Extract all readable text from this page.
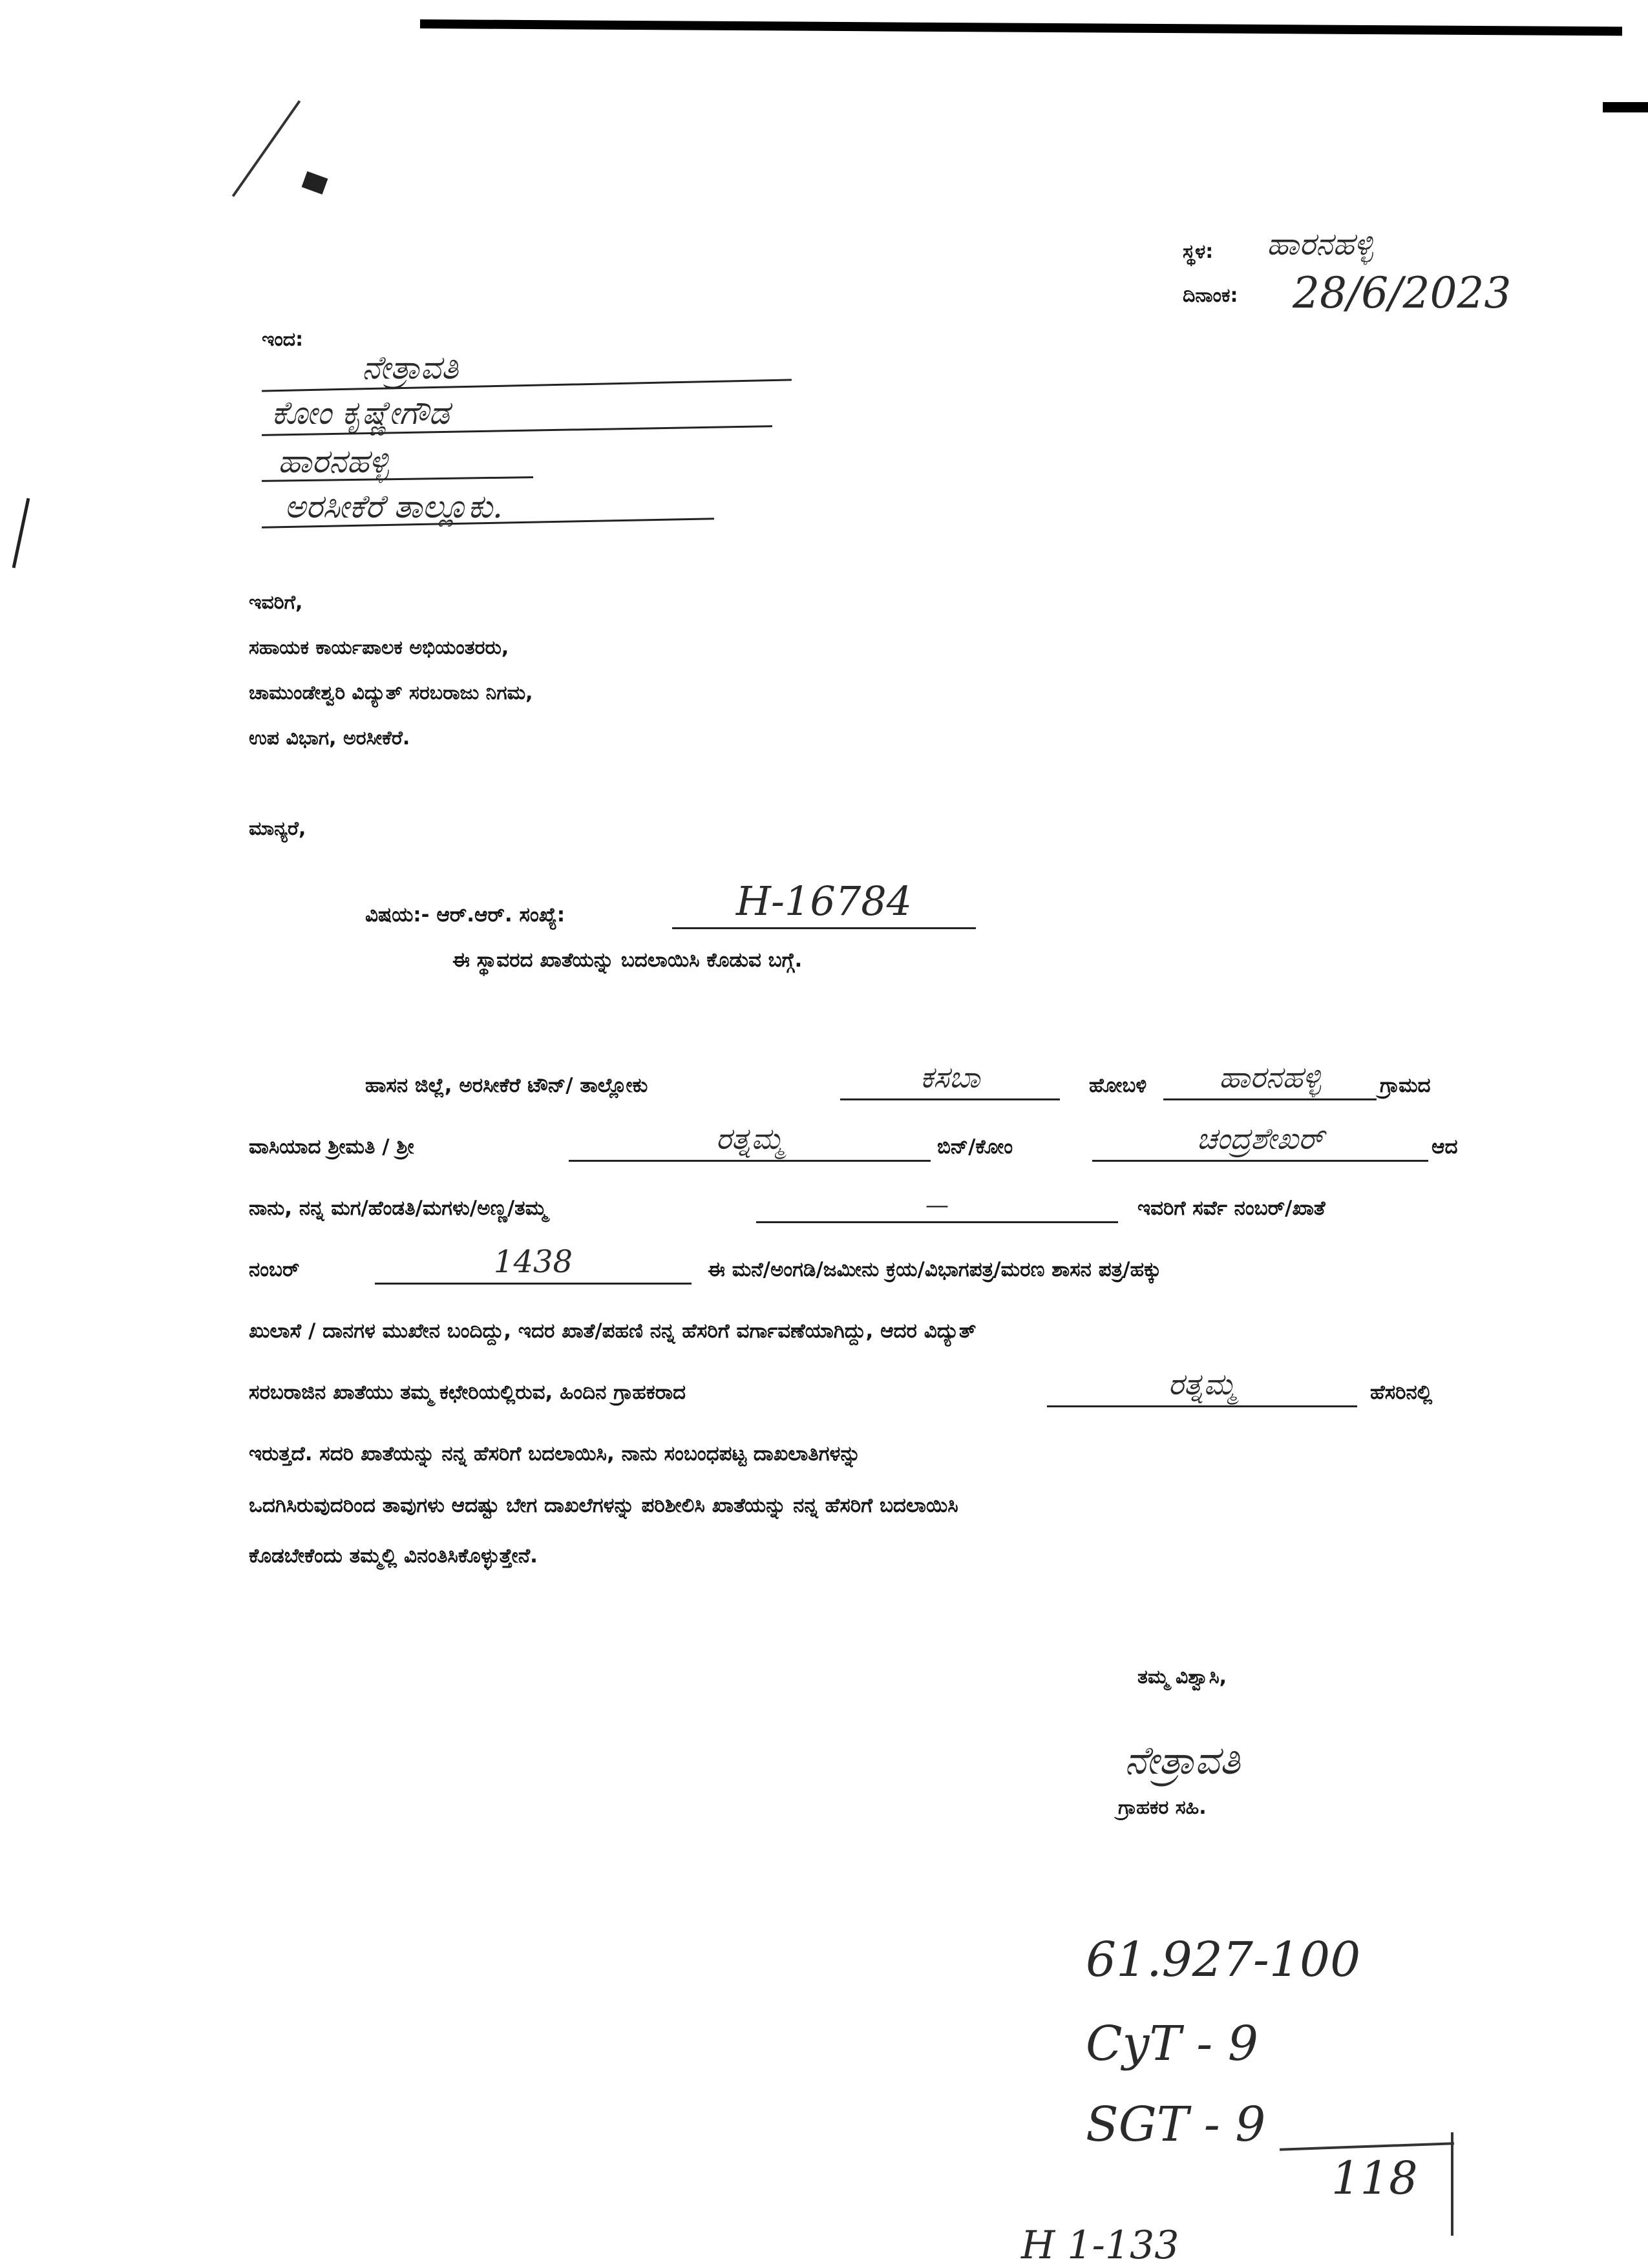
ಸ್ಥಳ: ಹಾರನಹಳ್ಳಿ
ದಿನಾಂಕ: 28/6/2023
ಇಂದ:
ನೇತ್ರಾವತಿ
ಕೋಂ ಕೃಷ್ಣೇಗೌಡ
ಹಾರನಹಳ್ಳಿ
ಅರಸೀಕೆರೆ ತಾಲ್ಲೂಕು.
ಇವರಿಗೆ,
ಸಹಾಯಕ ಕಾರ್ಯಪಾಲಕ ಅಭಿಯಂತರರು,
ಚಾಮುಂಡೇಶ್ವರಿ ವಿದ್ಯುತ್ ಸರಬರಾಜು ನಿಗಮ,
ಉಪ ವಿಭಾಗ, ಅರಸೀಕೆರೆ.
ಮಾನ್ಯರೆ,
ವಿಷಯ:- ಆರ್.ಆರ್. ಸಂಖ್ಯೆ:	H-16784
ಈ ಸ್ಥಾವರದ ಖಾತೆಯನ್ನು ಬದಲಾಯಿಸಿ ಕೊಡುವ ಬಗ್ಗೆ.
ಹಾಸನ ಜಿಲ್ಲೆ, ಅರಸೀಕೆರೆ ಟೌನ್/ ತಾಲ್ಲೋಕು	ಕಸಬಾ	ಹೋಬಳಿ	ಹಾರನಹಳ್ಳಿ	ಗ್ರಾಮದ
ವಾಸಿಯಾದ ಶ್ರೀಮತಿ / ಶ್ರೀ	ರತ್ನಮ್ಮ	ಬಿನ್/ಕೋಂ	ಚಂದ್ರಶೇಖರ್	ಆದ
ನಾನು, ನನ್ನ ಮಗ/ಹೆಂಡತಿ/ಮಗಳು/ಅಣ್ಣ/ತಮ್ಮ	—	ಇವರಿಗೆ ಸರ್ವೆ ನಂಬರ್/ಖಾತೆ
ನಂಬರ್	1438	ಈ ಮನೆ/ಅಂಗಡಿ/ಜಮೀನು ಕ್ರಯ/ವಿಭಾಗಪತ್ರ/ಮರಣ ಶಾಸನ ಪತ್ರ/ಹಕ್ಕು
ಖುಲಾಸೆ / ದಾನಗಳ ಮುಖೇನ ಬಂದಿದ್ದು, ಇದರ ಖಾತೆ/ಪಹಣಿ ನನ್ನ ಹೆಸರಿಗೆ ವರ್ಗಾವಣೆಯಾಗಿದ್ದು, ಆದರ ವಿದ್ಯುತ್
ಸರಬರಾಜಿನ ಖಾತೆಯು ತಮ್ಮ ಕಛೇರಿಯಲ್ಲಿರುವ, ಹಿಂದಿನ ಗ್ರಾಹಕರಾದ	ರತ್ನಮ್ಮ	ಹೆಸರಿನಲ್ಲಿ
ಇರುತ್ತದೆ. ಸದರಿ ಖಾತೆಯನ್ನು ನನ್ನ ಹೆಸರಿಗೆ ಬದಲಾಯಿಸಿ, ನಾನು ಸಂಬಂಧಪಟ್ಟ ದಾಖಲಾತಿಗಳನ್ನು
ಒದಗಿಸಿರುವುದರಿಂದ ತಾವುಗಳು ಆದಷ್ಟು ಬೇಗ ದಾಖಲೆಗಳನ್ನು ಪರಿಶೀಲಿಸಿ ಖಾತೆಯನ್ನು ನನ್ನ ಹೆಸರಿಗೆ ಬದಲಾಯಿಸಿ
ಕೊಡಬೇಕೆಂದು ತಮ್ಮಲ್ಲಿ ವಿನಂತಿಸಿಕೊಳ್ಳುತ್ತೇನೆ.
ತಮ್ಮ ವಿಶ್ವಾಸಿ,
ನೇತ್ರಾವತಿ
ಗ್ರಾಹಕರ ಸಹಿ.
61.927-100
CyT - 9
SGT - 9
118
H 1-133
